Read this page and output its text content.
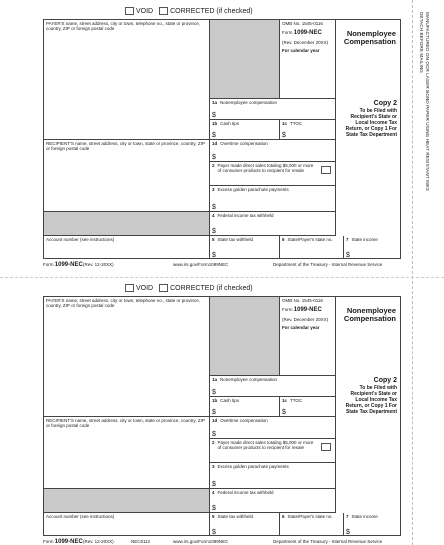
DETACH BEFORE MAILING MANUFACTURED ON OCR LASER BOND PAPER USING HEAT RESISTANT INKS
VOID CORRECTED (if checked)
PAYER'S name, street address, city or town, telephone no., state or province, country, ZIP or foreign postal code
OMB No. 1545-0116
Form 1099-NEC
(Rev. December 20XX)
For calendar year
Nonemployee
Compensation
1a Nonemployee compensation
$
Copy 2
To be Filed with Recipient's State or Local Income Tax Return, or Copy 1 For State Tax Department
1b Cash tips
$
1c TTOC
$
RECIPIENT'S name, street address, city or town, state or province, country, ZIP or foreign postal code
1d Overtime compensation
$
2 Payer made direct sales totaling $5,000 or more of consumer products to recipient for resale
3 Excess golden parachute payments
$
4 Federal income tax withheld
$
Account number (see instructions)	5 State tax withheld
$
6 State/Payer's state no.	7 State income
$
Form 1099-NEC (Rev. 12-20XX)	www.irs.gov/Form1099NEC	Department of the Treasury - Internal Revenue Service
VOID CORRECTED (if checked)
PAYER'S name, street address, city or town, telephone no., state or province, country, ZIP or foreign postal code
OMB No. 1545-0116
Form 1099-NEC
(Rev. December 20XX)
For calendar year
Nonemployee
Compensation
1a Nonemployee compensation
$
Copy 2
To be Filed with Recipient's State or Local Income Tax Return, or Copy 1 For State Tax Department
1b Cash tips
$
1c TTOC
$
RECIPIENT'S name, street address, city or town, state or province, country, ZIP or foreign postal code
1d Overtime compensation
$
2 Payer made direct sales totaling $5,000 or more of consumer products to recipient for resale
3 Excess golden parachute payments
$
4 Federal income tax withheld
$
Account number (see instructions)	5 State tax withheld
$
6 State/Payer's state no.	7 State income
$
Form 1099-NEC (Rev. 12-20XX)	NEC5112	www.irs.gov/Form1099NEC	Department of the Treasury - Internal Revenue Service
